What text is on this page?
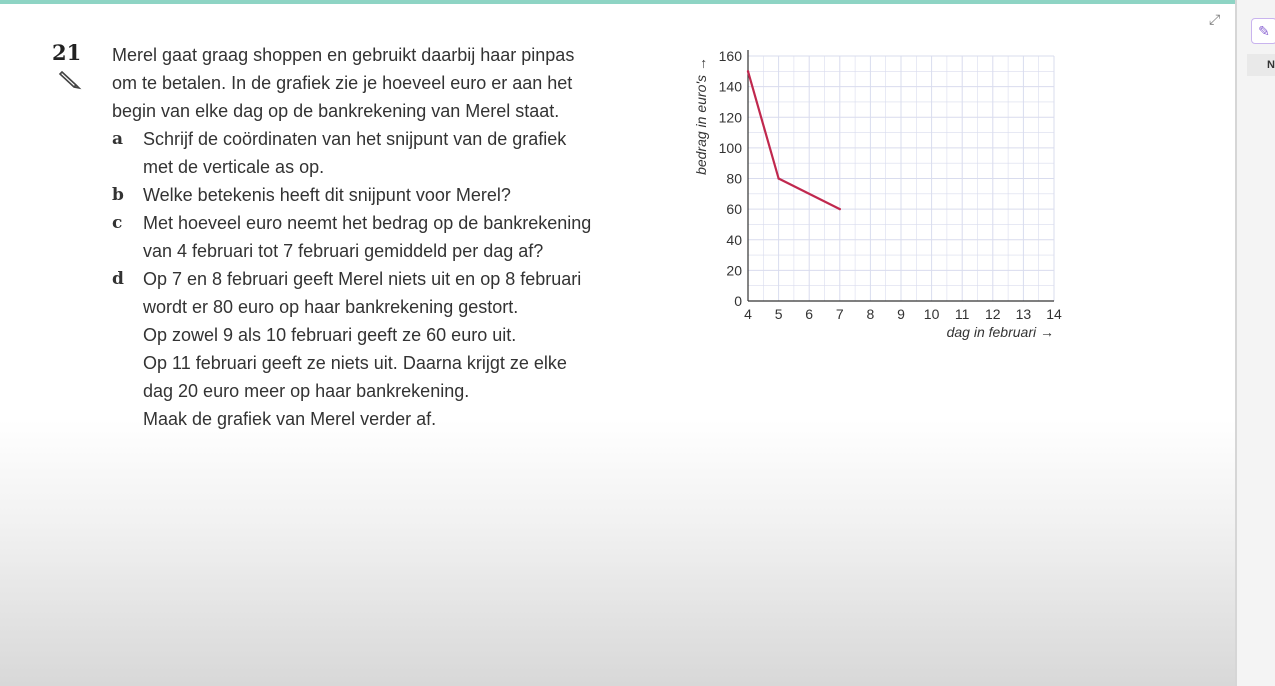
⤢
✎
N
21 Merel gaat graag shoppen en gebruikt daarbij haar pinpas
om te betalen. In de grafiek zie je hoeveel euro er aan het
begin van elke dag op de bankrekening van Merel staat.
a Schrijf de coördinaten van het snijpunt van de grafiek
met de verticale as op.
b Welke betekenis heeft dit snijpunt voor Merel?
c Met hoeveel euro neemt het bedrag op de bankrekening
van 4 februari tot 7 februari gemiddeld per dag af?
d Op 7 en 8 februari geeft Merel niets uit en op 8 februari
wordt er 80 euro op haar bankrekening gestort.
Op zowel 9 als 10 februari geeft ze 60 euro uit.
Op 11 februari geeft ze niets uit. Daarna krijgt ze elke
dag 20 euro meer op haar bankrekening.
Maak de grafiek van Merel verder af.
0
20
40
60
80
100
120
140
160
4 5 6 7 8 9 10 11 12 13 14
dag in februari →
bedrag in euro's →
